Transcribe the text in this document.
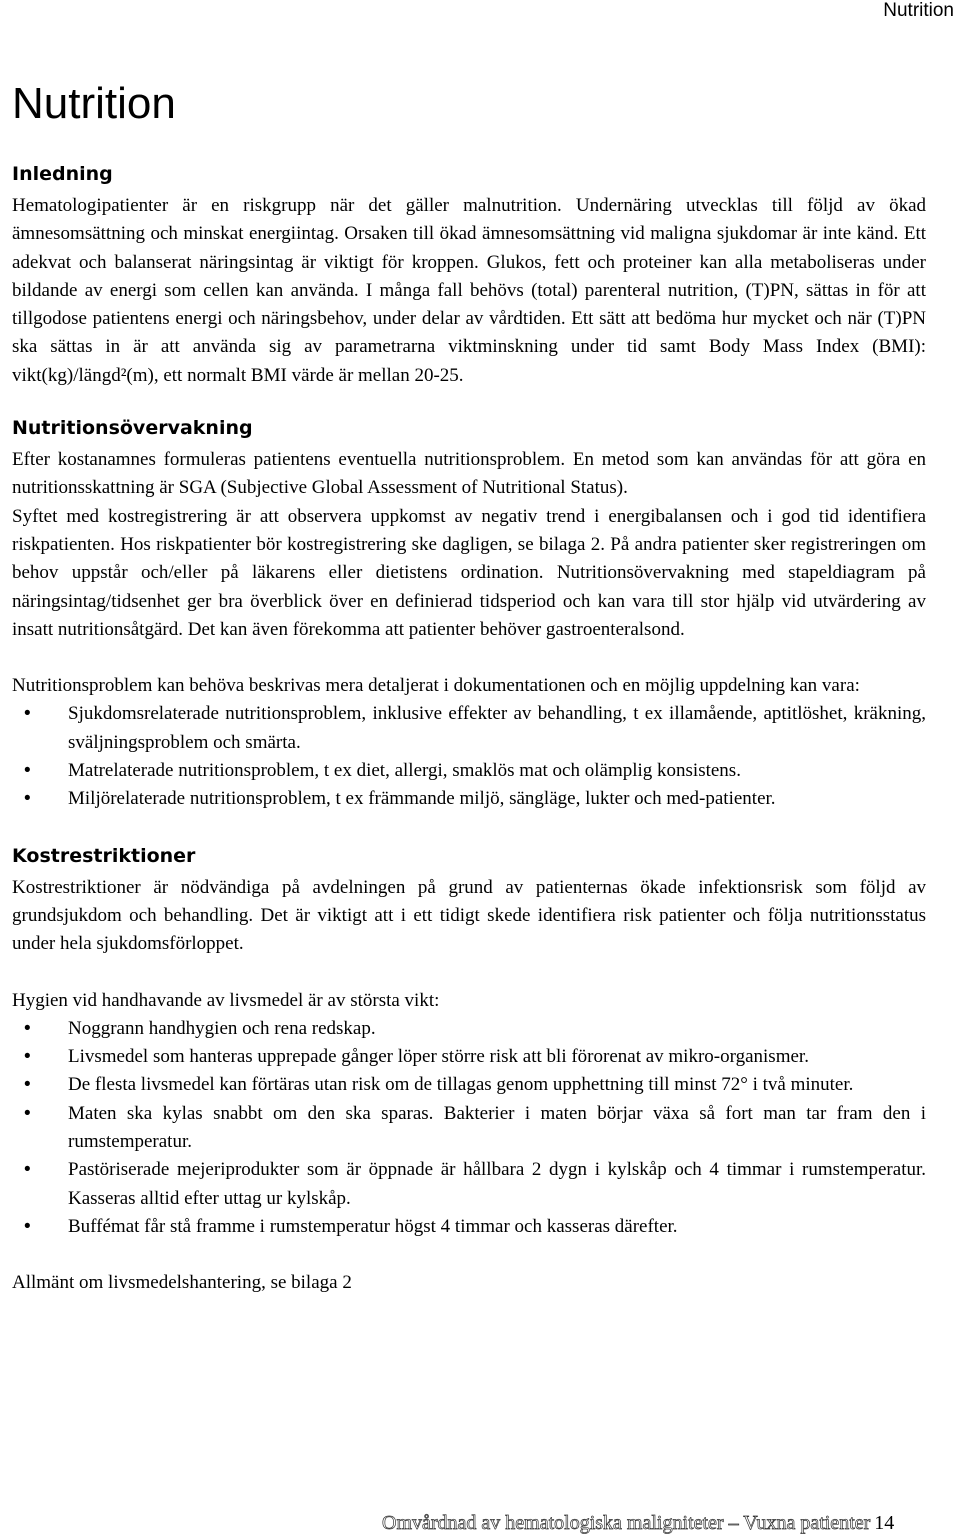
Nutrition
Nutrition
Inledning

Hematologipatienter är en riskgrupp när det gäller malnutrition. Undernäring utvecklas till följd av ökad ämnesomsättning och minskat energiintag. Orsaken till ökad ämnesomsättning vid maligna sjukdomar är inte känd. Ett adekvat och balanserat näringsintag är viktigt för kroppen. Glukos, fett och proteiner kan alla metaboliseras under bildande av energi som cellen kan använda. I många fall behövs (total) parenteral nutrition, (T)PN, sättas in för att tillgodose patientens energi och näringsbehov, under delar av vårdtiden. Ett sätt att bedöma hur mycket och när (T)PN ska sättas in är att använda sig av parametrarna viktminskning under tid samt Body Mass Index (BMI): vikt(kg)/längd²(m), ett normalt BMI värde är mellan 20-25.

Nutritionsövervakning

Efter kostanamnes formuleras patientens eventuella nutritionsproblem. En metod som kan användas för att göra en nutritionsskattning är SGA (Subjective Global Assessment of Nutritional Status).

Syftet med kostregistrering är att observera uppkomst av negativ trend i energibalansen och i god tid identifiera riskpatienten. Hos riskpatienter bör kostregistrering ske dagligen, se bilaga 2. På andra patienter sker registreringen om behov uppstår och/eller på läkarens eller dietistens ordination. Nutritionsövervakning med stapeldiagram på näringsintag/tidsenhet ger bra överblick över en definierad tidsperiod och kan vara till stor hjälp vid utvärdering av insatt nutritionsåtgärd. Det kan även förekomma att patienter behöver gastroenteralsond.

Nutritionsproblem kan behöva beskrivas mera detaljerat i dokumentationen och en möjlig uppdelning kan vara:

• Sjukdomsrelaterade nutritionsproblem, inklusive effekter av behandling, t ex illamående, aptitlöshet, kräkning, sväljningsproblem och smärta.
• Matrelaterade nutritionsproblem, t ex diet, allergi, smaklös mat och olämplig konsistens.
• Miljörelaterade nutritionsproblem, t ex främmande miljö, sängläge, lukter och med-patienter.
Kostrestriktioner

Kostrestriktioner är nödvändiga på avdelningen på grund av patienternas ökade infektionsrisk som följd av grundsjukdom och behandling. Det är viktigt att i ett tidigt skede identifiera risk patienter och följa nutritionsstatus under hela sjukdomsförloppet.

Hygien vid handhavande av livsmedel är av största vikt:

• Noggrann handhygien och rena redskap.
• Livsmedel som hanteras upprepade gånger löper större risk att bli förorenat av mikro-organismer.
• De flesta livsmedel kan förtäras utan risk om de tillagas genom upphettning till minst 72° i två minuter.
• Maten ska kylas snabbt om den ska sparas. Bakterier i maten börjar växa så fort man tar fram den i rumstemperatur.
• Pastöriserade mejeriprodukter som är öppnade är hållbara 2 dygn i kylskåp och 4 timmar i rumstemperatur. Kasseras alltid efter uttag ur kylskåp.
• Buffémat får stå framme i rumstemperatur högst 4 timmar och kasseras därefter.

Allmänt om livsmedelshantering, se bilaga 2

Omvårdnad av hematologiska maligniteter – Vuxna patienter 14
